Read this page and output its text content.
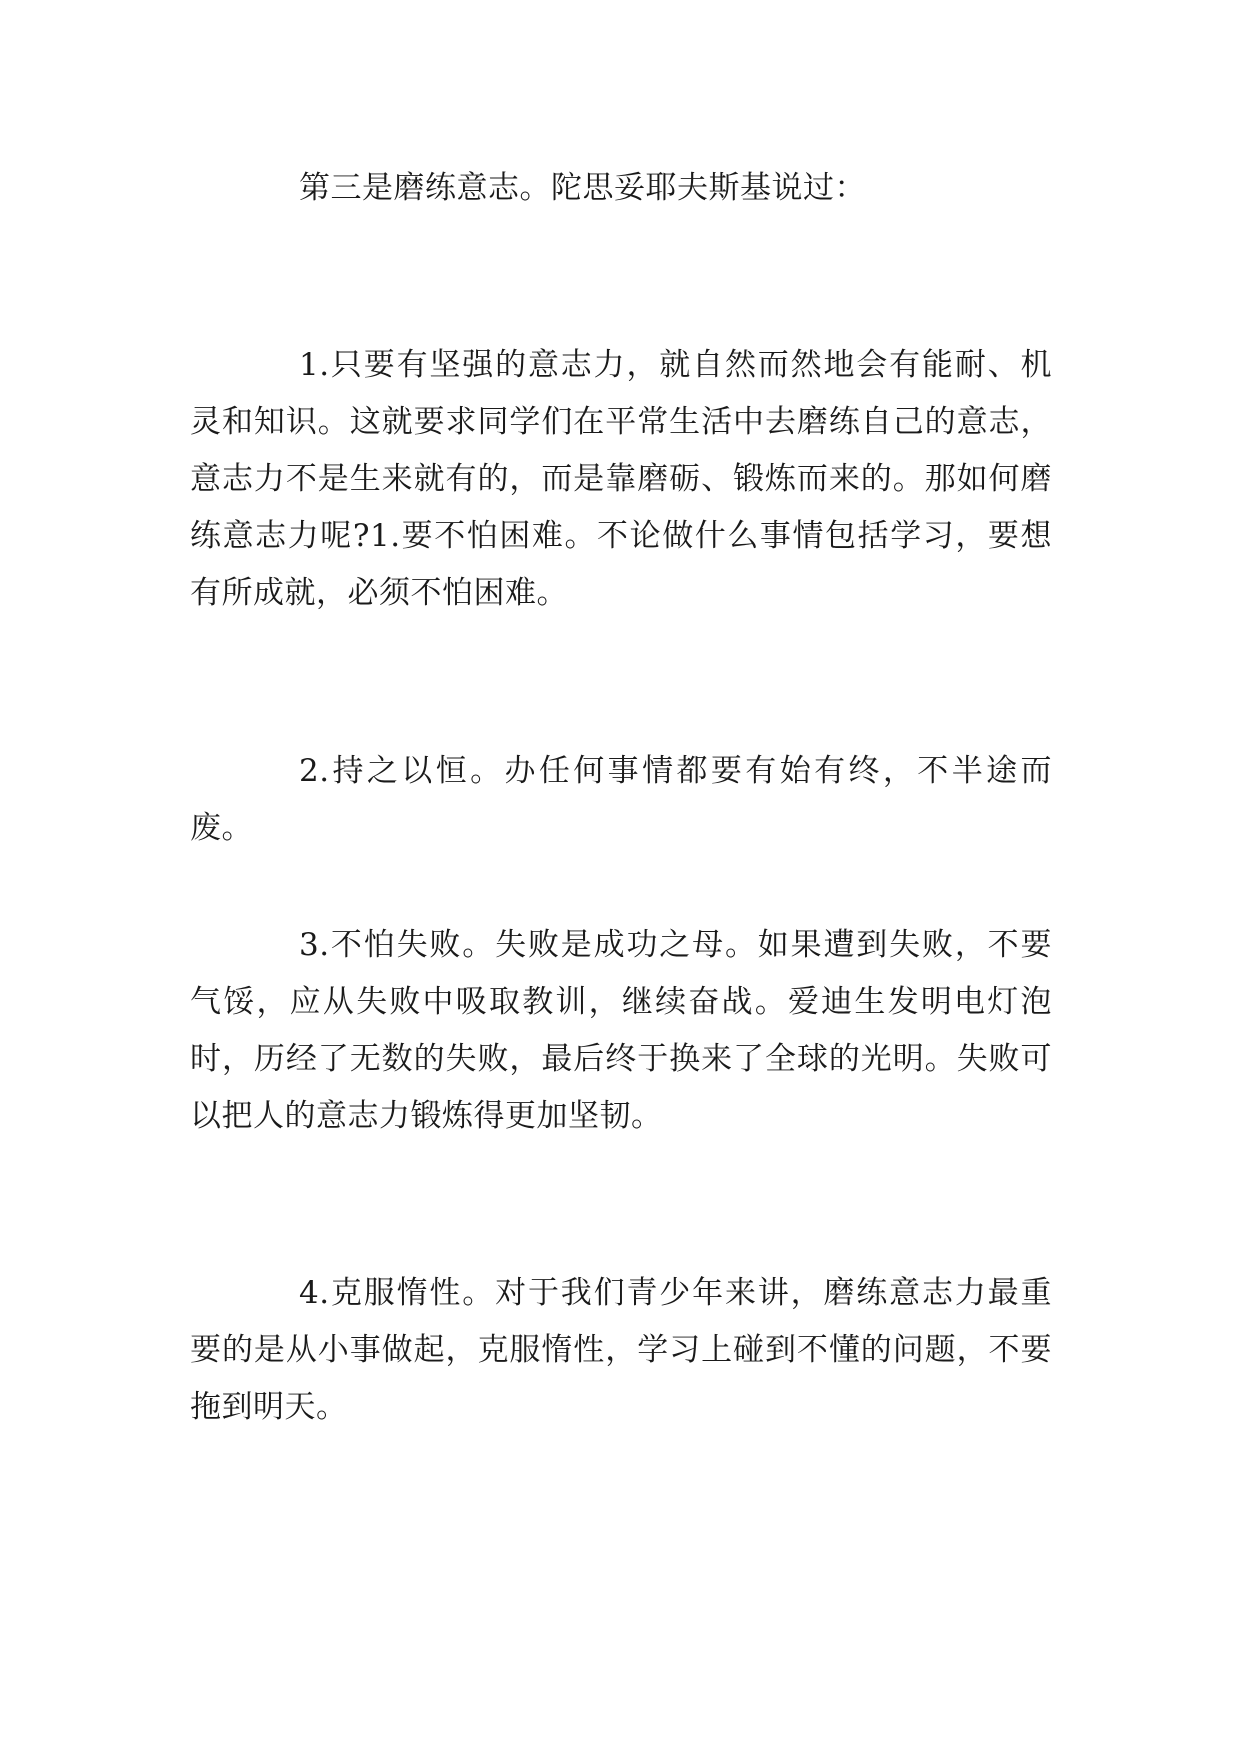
第三是磨练意志。陀思妥耶夫斯基说过：

1.只要有坚强的意志力，就自然而然地会有能耐、机灵和知识。这就要求同学们在平常生活中去磨练自己的意志，意志力不是生来就有的，而是靠磨砺、锻炼而来的。那如何磨练意志力呢?1.要不怕困难。不论做什么事情包括学习，要想有所成就，必须不怕困难。

2.持之以恒。办任何事情都要有始有终，不半途而废。

3.不怕失败。失败是成功之母。如果遭到失败，不要气馁，应从失败中吸取教训，继续奋战。爱迪生发明电灯泡时，历经了无数的失败，最后终于换来了全球的光明。失败可以把人的意志力锻炼得更加坚韧。

4.克服惰性。对于我们青少年来讲，磨练意志力最重要的是从小事做起，克服惰性，学习上碰到不懂的问题，不要拖到明天。
